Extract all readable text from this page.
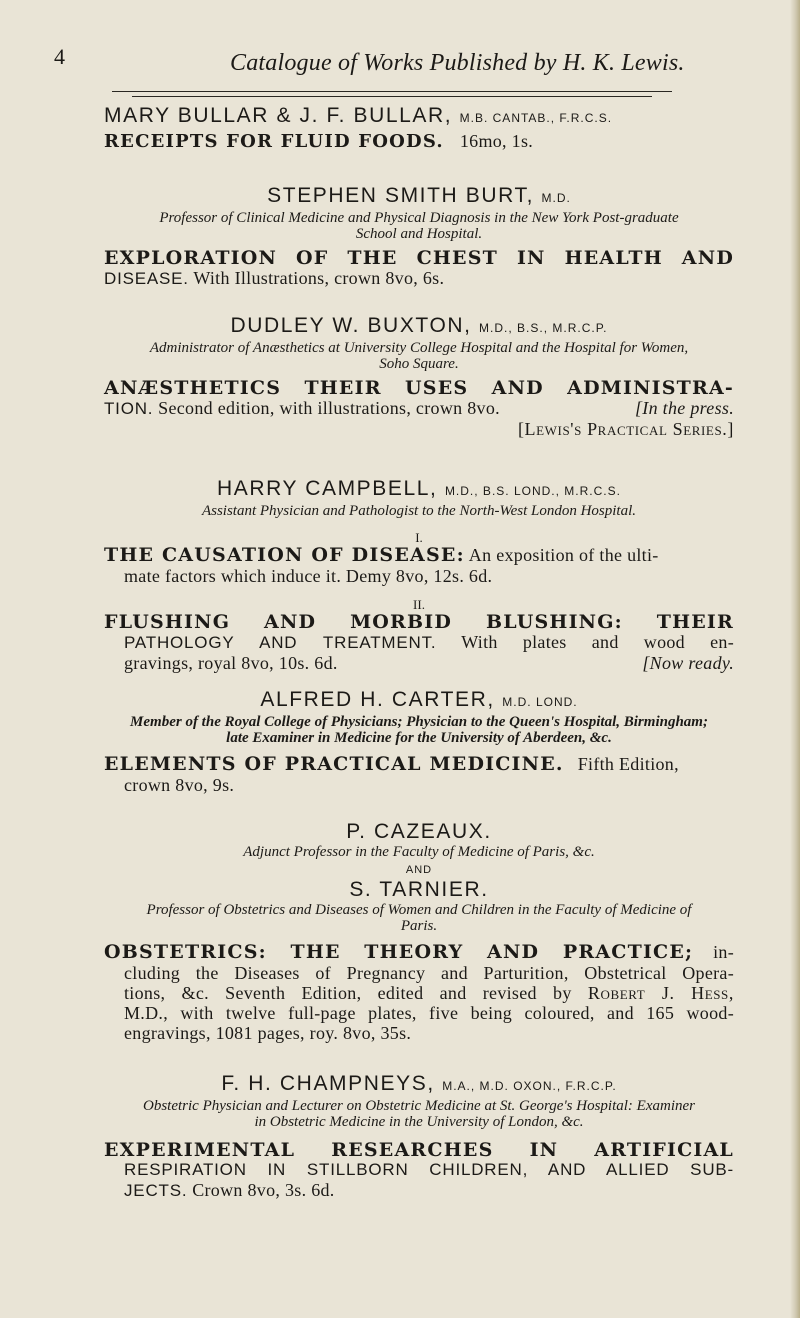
4	Catalogue of Works Published by H. K. Lewis.
MARY BULLAR & J. F. BULLAR, M.B. CANTAB., F.R.C.S.
RECEIPTS FOR FLUID FOODS. 16mo, 1s.
STEPHEN SMITH BURT, M.D.
Professor of Clinical Medicine and Physical Diagnosis in the New York Post-graduate
School and Hospital.
EXPLORATION OF THE CHEST IN HEALTH AND
DISEASE. With Illustrations, crown 8vo, 6s.
DUDLEY W. BUXTON, M.D., B.S., M.R.C.P.
Administrator of Anæsthetics at University College Hospital and the Hospital for Women,
Soho Square.
ANÆSTHETICS THEIR USES AND ADMINISTRA-
TION. Second edition, with illustrations, crown 8vo.	[In the press.
[Lewis's Practical Series.]
HARRY CAMPBELL, M.D., B.S. LOND., M.R.C.S.
Assistant Physician and Pathologist to the North-West London Hospital.
I.
THE CAUSATION OF DISEASE: An exposition of the ulti-
mate factors which induce it. Demy 8vo, 12s. 6d.
II.
FLUSHING AND MORBID BLUSHING: THEIR
PATHOLOGY AND TREATMENT. With plates and wood en-
gravings, royal 8vo, 10s. 6d.	[Now ready.
ALFRED H. CARTER, M.D. LOND.
Member of the Royal College of Physicians; Physician to the Queen's Hospital, Birmingham;
late Examiner in Medicine for the University of Aberdeen, &c.
ELEMENTS OF PRACTICAL MEDICINE. Fifth Edition,
crown 8vo, 9s.
P. CAZEAUX.
Adjunct Professor in the Faculty of Medicine of Paris, &c.
AND
S. TARNIER.
Professor of Obstetrics and Diseases of Women and Children in the Faculty of Medicine of
Paris.
OBSTETRICS: THE THEORY AND PRACTICE; in-
cluding the Diseases of Pregnancy and Parturition, Obstetrical Opera-
tions, &c. Seventh Edition, edited and revised by Robert J. Hess,
M.D., with twelve full-page plates, five being coloured, and 165 wood-
engravings, 1081 pages, roy. 8vo, 35s.
F. H. CHAMPNEYS, M.A., M.D. OXON., F.R.C.P.
Obstetric Physician and Lecturer on Obstetric Medicine at St. George's Hospital: Examiner
in Obstetric Medicine in the University of London, &c.
EXPERIMENTAL RESEARCHES IN ARTIFICIAL
RESPIRATION IN STILLBORN CHILDREN, AND ALLIED SUB-
JECTS. Crown 8vo, 3s. 6d.
